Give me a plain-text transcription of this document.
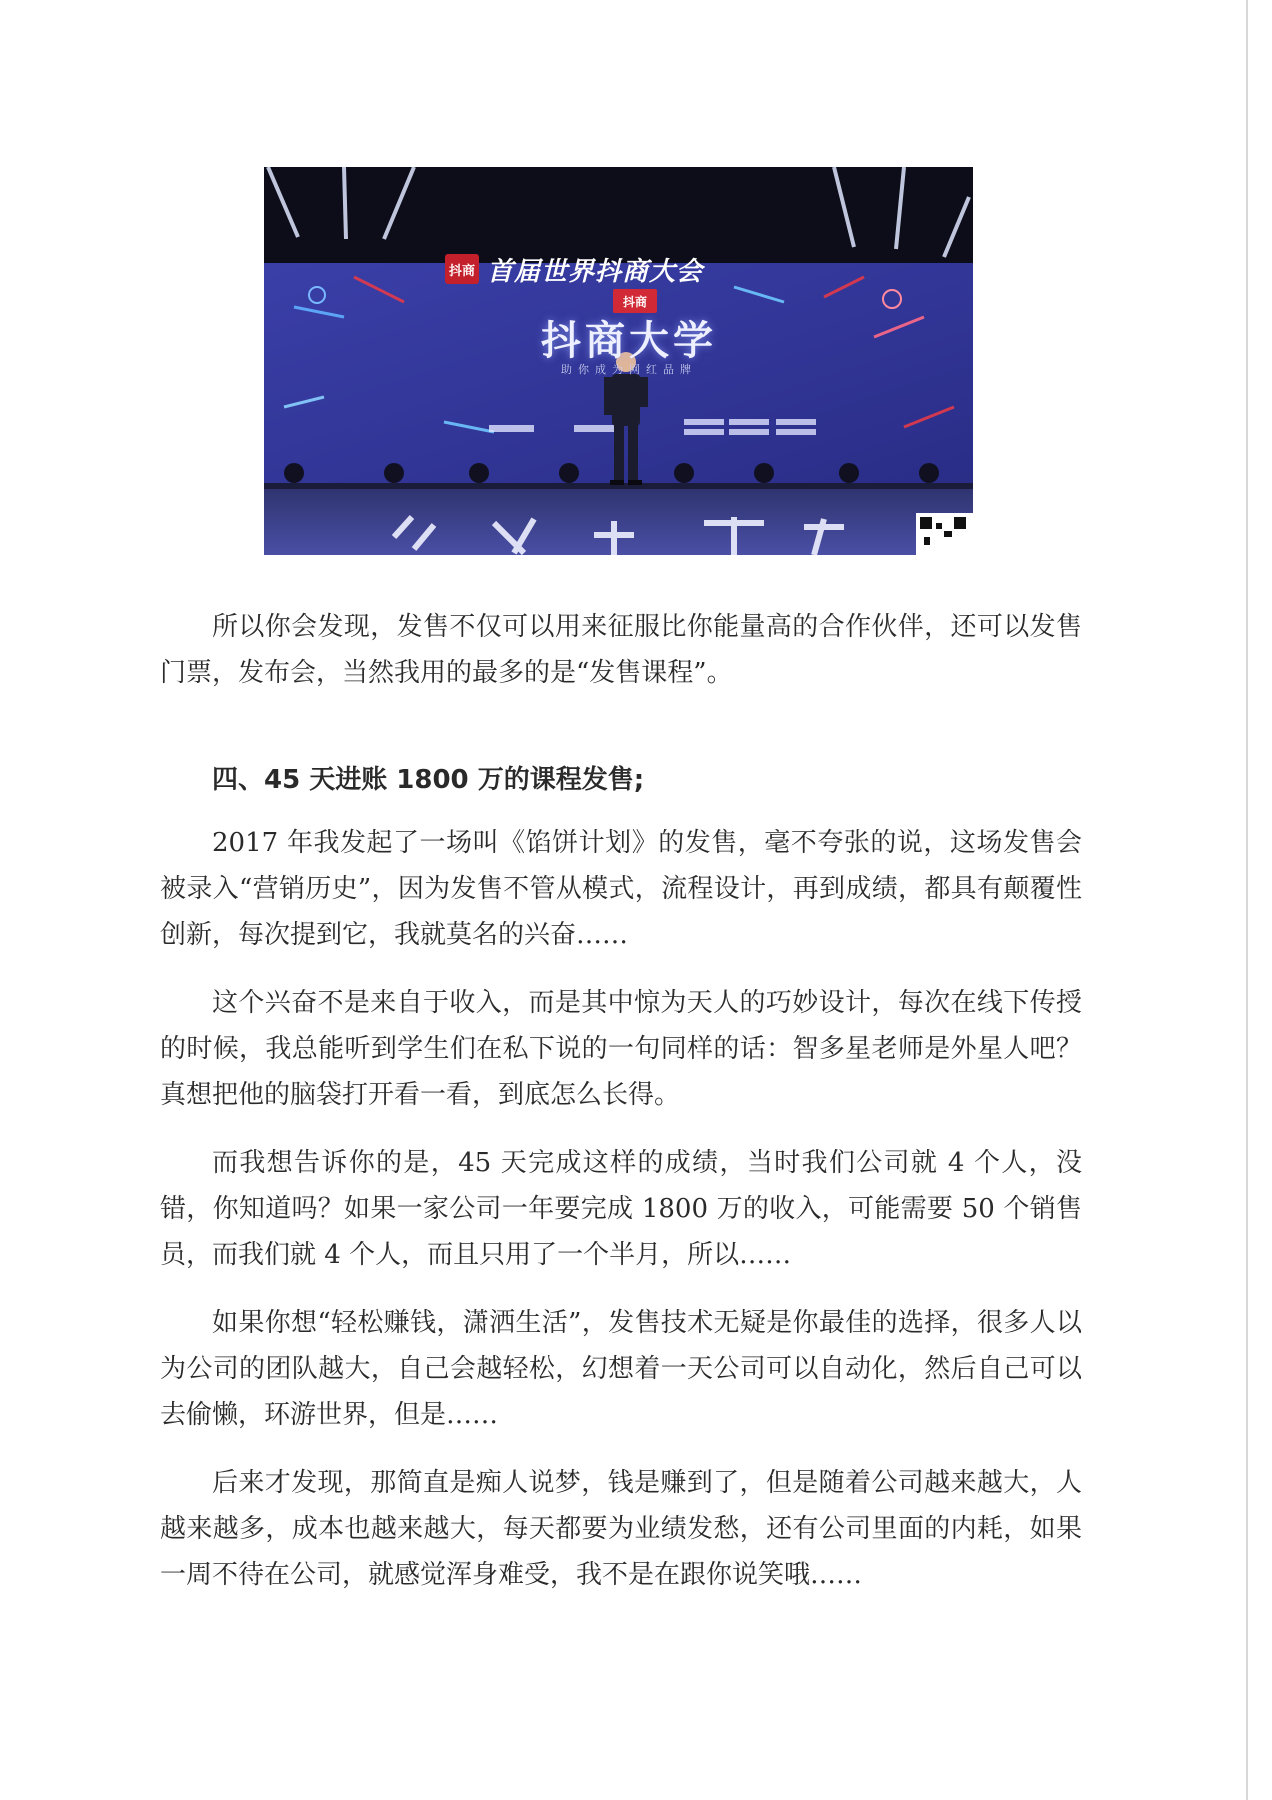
抖商 首届世界抖商大会
抖商
抖商大学
助你成为网红品牌

所以你会发现，发售不仅可以用来征服比你能量高的合作伙伴，还可以发售门票，发布会，当然我用的最多的是“发售课程”。

四、45 天进账 1800 万的课程发售;

2017 年我发起了一场叫《馅饼计划》的发售，毫不夸张的说，这场发售会被录入“营销历史”，因为发售不管从模式，流程设计，再到成绩，都具有颠覆性创新，每次提到它，我就莫名的兴奋……

这个兴奋不是来自于收入，而是其中惊为天人的巧妙设计，每次在线下传授的时候，我总能听到学生们在私下说的一句同样的话：智多星老师是外星人吧？真想把他的脑袋打开看一看，到底怎么长得。

而我想告诉你的是，45 天完成这样的成绩，当时我们公司就 4 个人，没错，你知道吗？如果一家公司一年要完成 1800 万的收入，可能需要 50 个销售员，而我们就 4 个人，而且只用了一个半月，所以……

如果你想“轻松赚钱，潇洒生活”，发售技术无疑是你最佳的选择，很多人以为公司的团队越大，自己会越轻松，幻想着一天公司可以自动化，然后自己可以去偷懒，环游世界，但是……

后来才发现，那简直是痴人说梦，钱是赚到了，但是随着公司越来越大，人越来越多，成本也越来越大，每天都要为业绩发愁，还有公司里面的内耗，如果一周不待在公司，就感觉浑身难受，我不是在跟你说笑哦……
